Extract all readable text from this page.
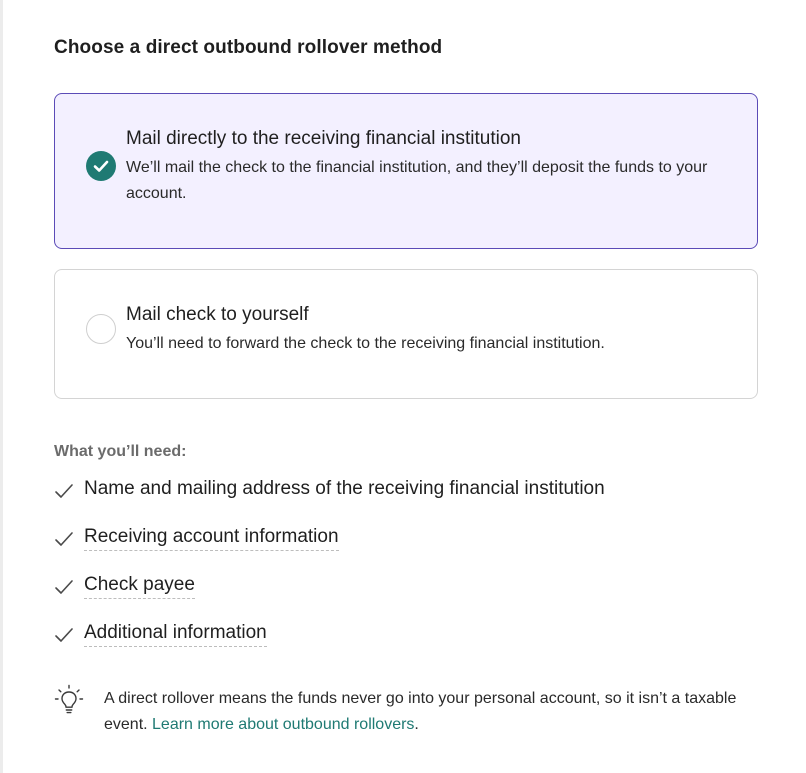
Choose a direct outbound rollover method
Mail directly to the receiving financial institution
We’ll mail the check to the financial institution, and they’ll deposit the funds to your account.
Mail check to yourself
You’ll need to forward the check to the receiving financial institution.
What you’ll need:
Name and mailing address of the receiving financial institution
Receiving account information
Check payee
Additional information

A direct rollover means the funds never go into your personal account, so it isn’t a taxable event. Learn more about outbound rollovers.
